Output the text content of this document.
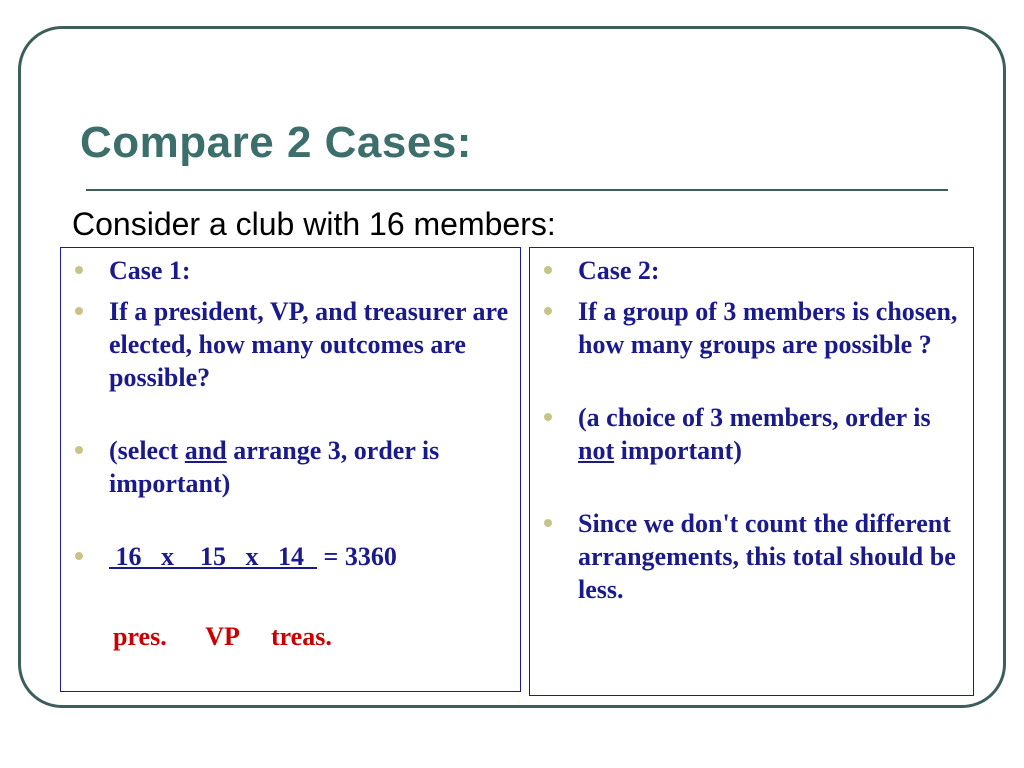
Compare 2 Cases:
Consider a club with 16 members:
Case 1:
If a president, VP, and treasurer are elected, how many outcomes are possible?
(select and arrange 3, order is important)
16   x    15   x   14   = 3360
pres.      VP     treas.
Case 2:
If a group of 3 members is chosen, how many groups are possible ?
(a choice of 3 members, order is not important)
Since we don't count the different arrangements, this total should be less.
